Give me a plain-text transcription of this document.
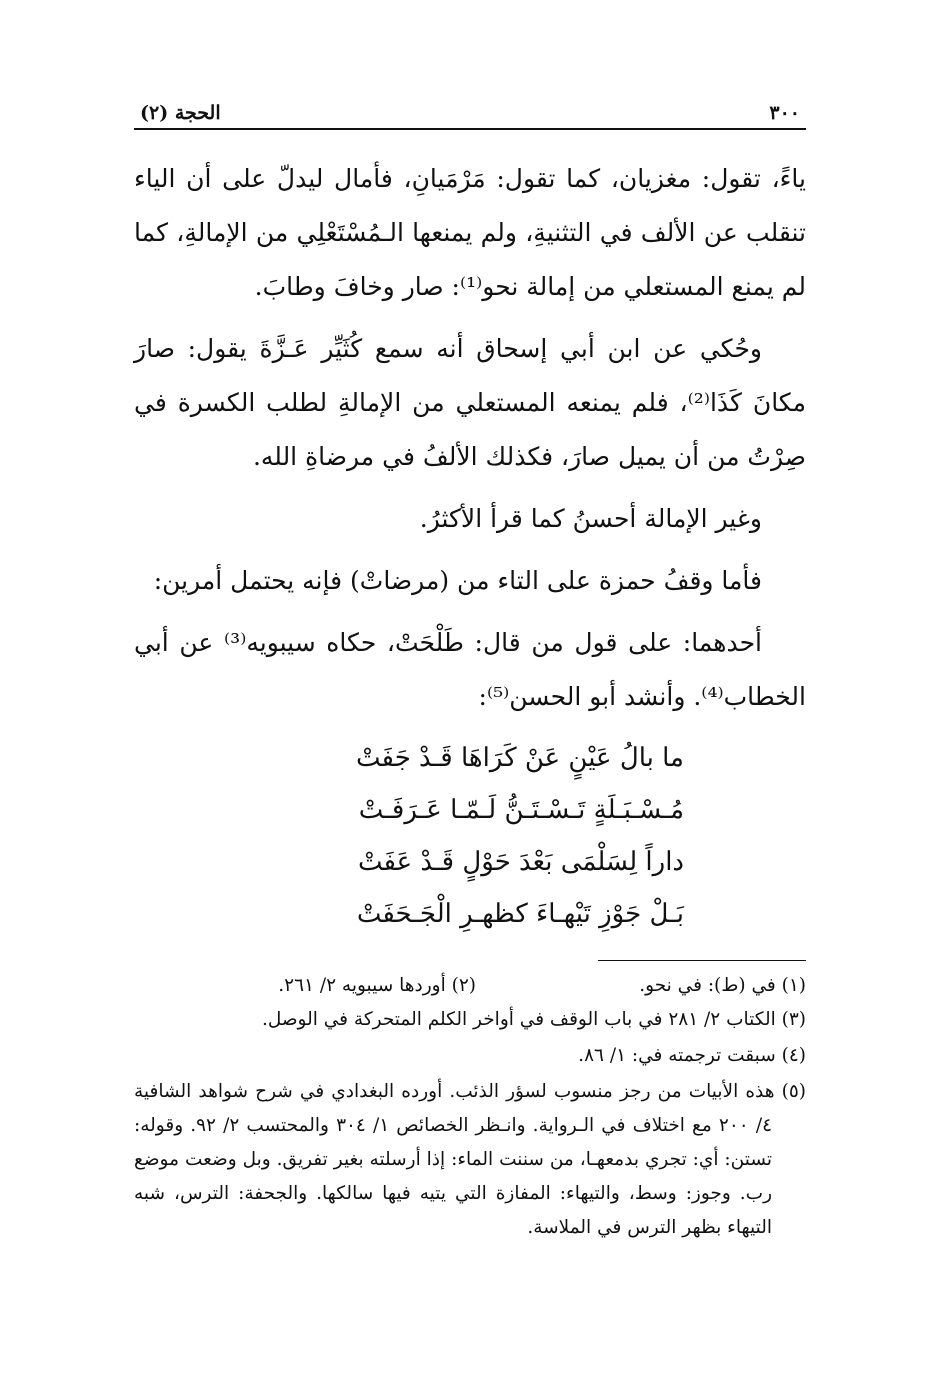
٣٠٠
الحجة (٢)

ياءً، تقول: مغزيان، كما تقول: مَرْمَيانِ، فأمال ليدلّ على أن الياء تنقلب عن الألف في التثنيةِ، ولم يمنعها الـمُسْتَعْلِي من الإمالةِ، كما لم يمنع المستعلي من إمالة نحو⁽¹⁾: صار وخافَ وطابَ.

وحُكي عن ابن أبي إسحاق أنه سمع كُثَيِّر عَـزَّةَ يقول: صارَ مكانَ كَذَا⁽²⁾، فلم يمنعه المستعلي من الإمالةِ لطلب الكسرة في صِرْتُ من أن يميل صارَ، فكذلك الألفُ في مرضاةِ الله.

وغير الإمالة أحسنُ كما قرأ الأكثرُ.

فأما وقفُ حمزة على التاء من (مرضاتْ) فإنه يحتمل أمرين:

أحدهما: على قول من قال: طَلْحَتْ، حكاه سيبويه⁽³⁾ عن أبي الخطاب⁽⁴⁾. وأنشد أبو الحسن⁽⁵⁾:

ما بالُ عَيْنٍ عَنْ كَرَاهَا قَـدْ جَفَتْ
مُـسْـبَـلَةٍ تَـسْـتَـنُّ لَـمّـا عَـرَفَـتْ
داراً لِسَلْمَى بَعْدَ حَوْلٍ قَـدْ عَفَتْ
بَـلْ جَوْزِ تَيْهـاءَ كظهـرِ الْجَـحَفَتْ
(١) في (ط): في نحو.
(٢) أوردها سيبويه ٢/ ٢٦١.

(٣) الكتاب ٢/ ٢٨١ في باب الوقف في أواخر الكلم المتحركة في الوصل.

(٤) سبقت ترجمته في: ١/ ٨٦.

(٥) هذه الأبيات من رجز منسوب لسؤر الذئب. أورده البغدادي في شرح شواهد الشافية ٤/ ٢٠٠ مع اختلاف في الـرواية. وانـظر الخصائص ١/ ٣٠٤ والمحتسب ٢/ ٩٢. وقوله: تستن: أي: تجري بدمعهـا، من سننت الماء: إذا أرسلته بغير تفريق. وبل وضعت موضع رب. وجوز: وسط، والتيهاء: المفازة التي يتيه فيها سالكها. والجحفة: الترس، شبه التيهاء بظهر الترس في الملاسة.
